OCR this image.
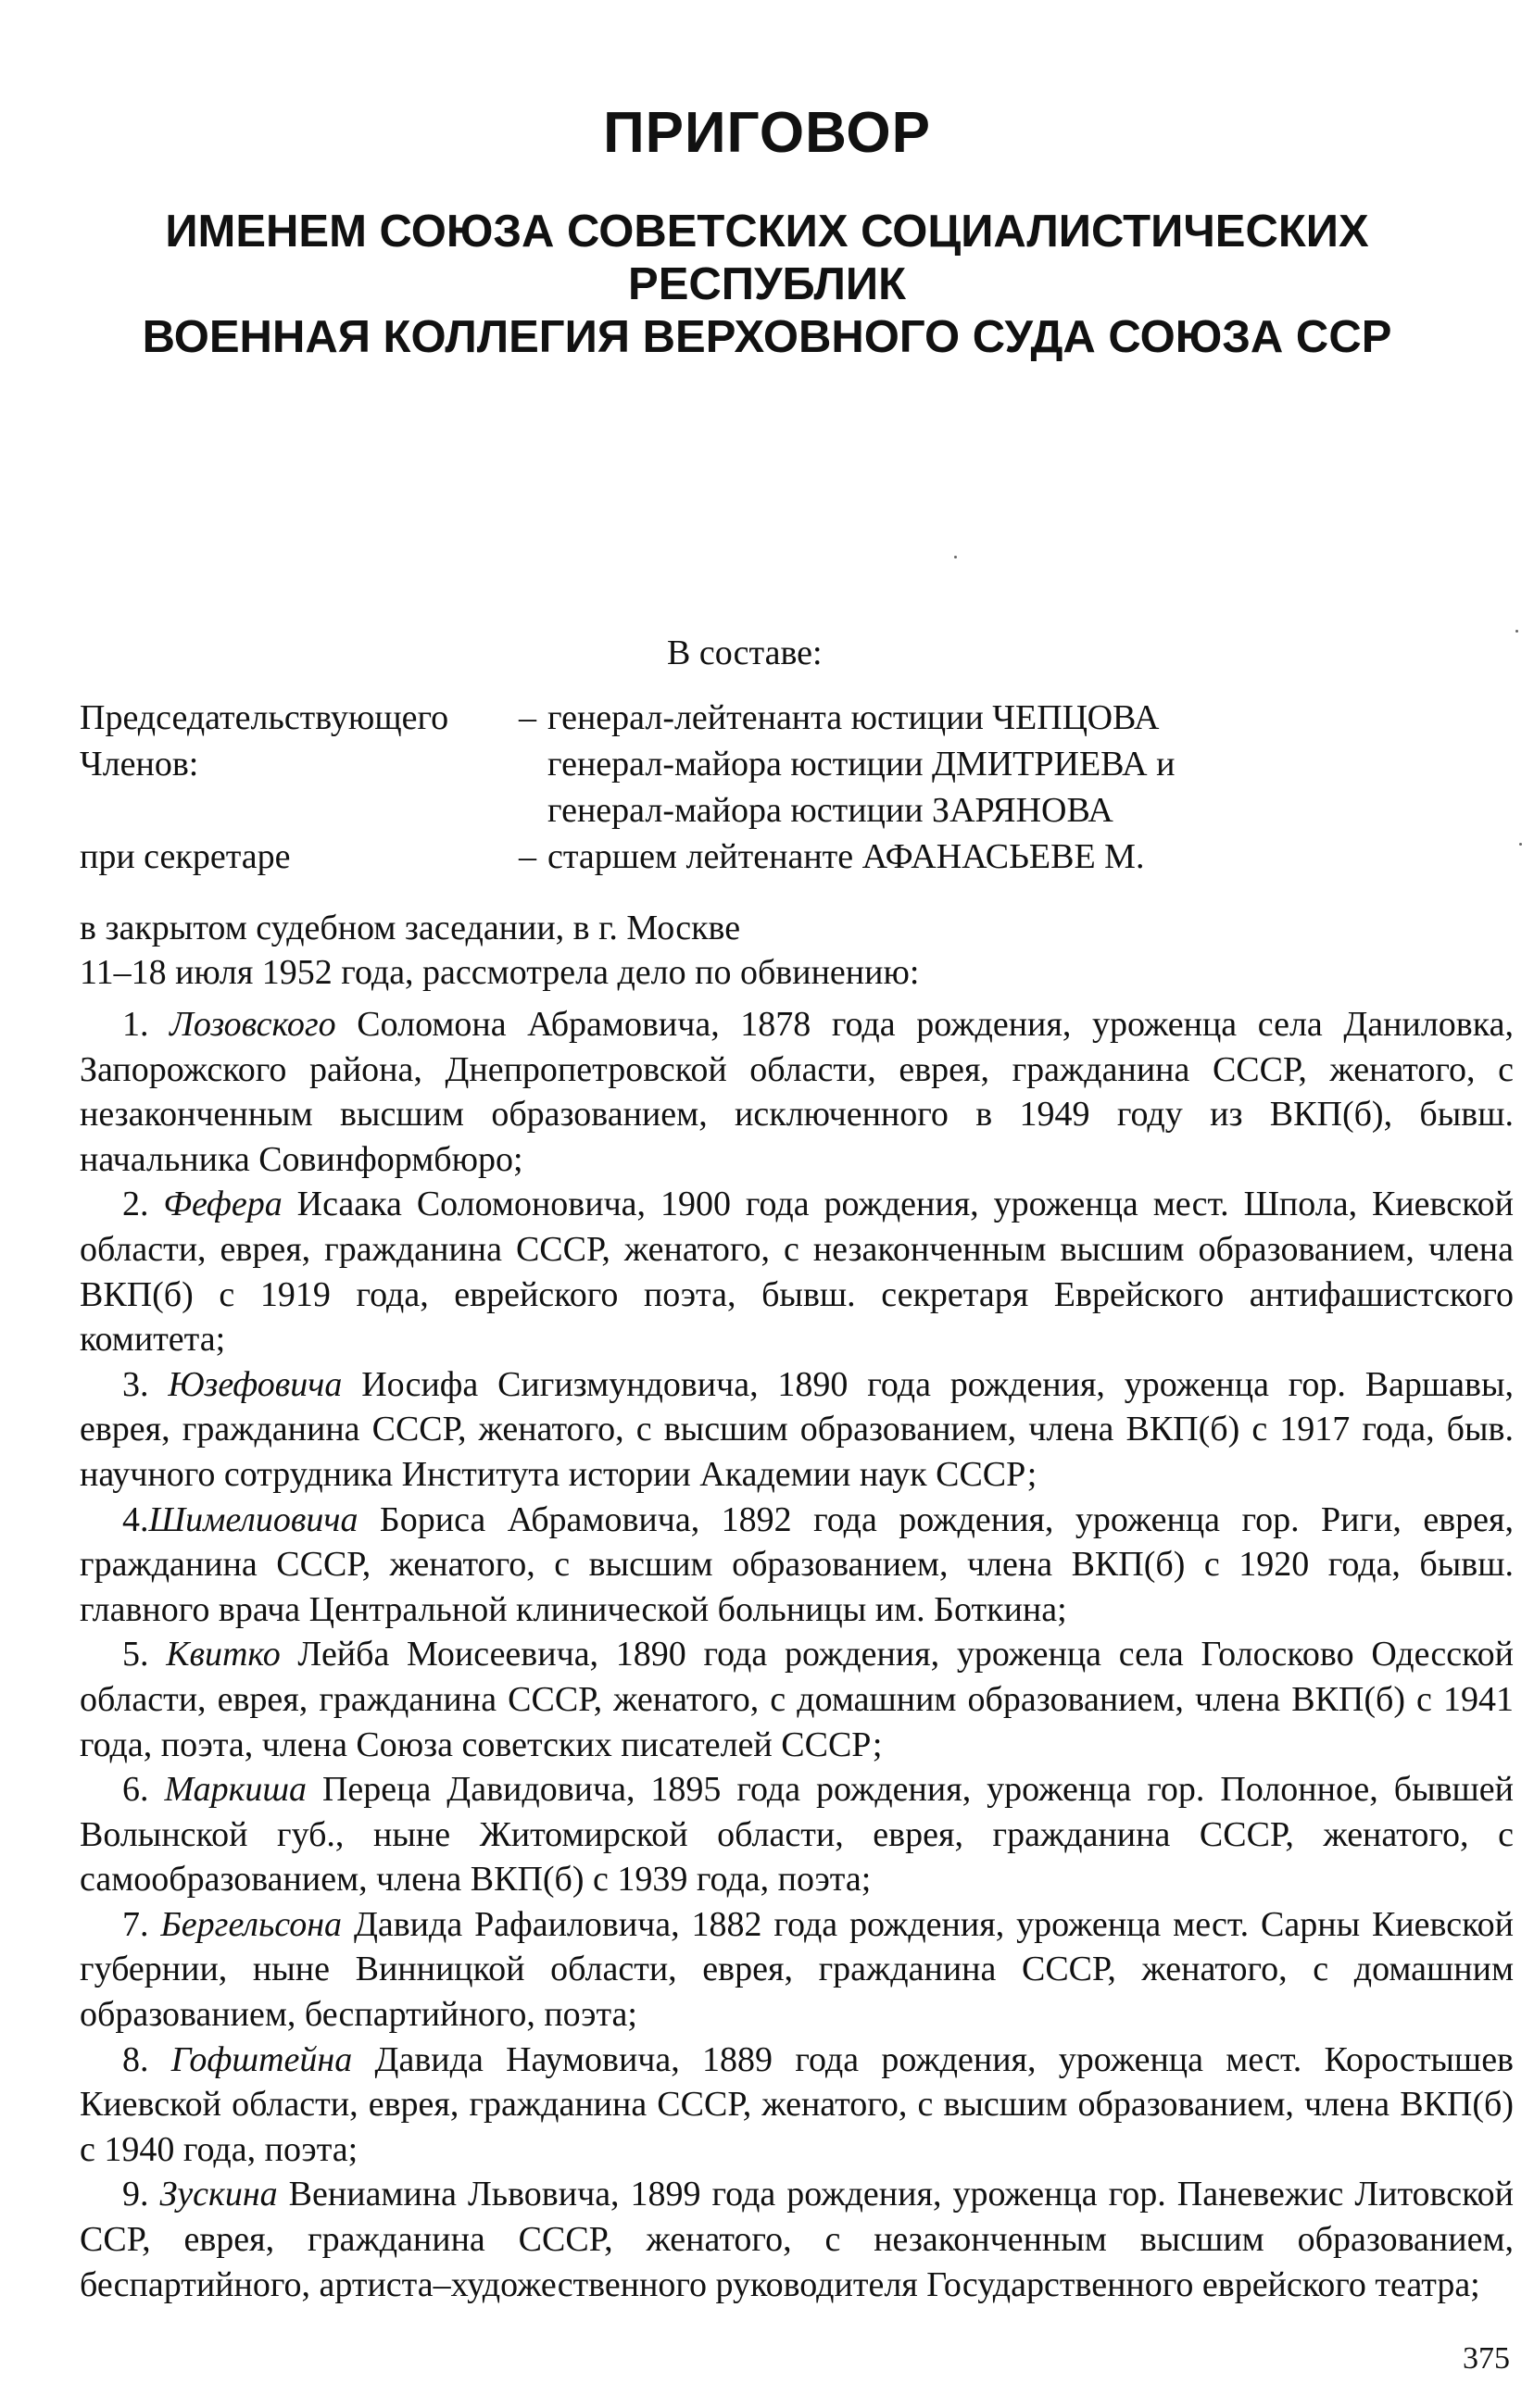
ПРИГОВОР
ИМЕНЕМ СОЮЗА СОВЕТСКИХ СОЦИАЛИСТИЧЕСКИХ
РЕСПУБЛИК
ВОЕННАЯ КОЛЛЕГИЯ ВЕРХОВНОГО СУДА СОЮЗА ССР
В составе:
Председательствующего – генерал-лейтенанта юстиции ЧЕПЦОВА
Членов:	генерал-майора юстиции ДМИТРИЕВА и
генерал-майора юстиции ЗАРЯНОВА
при секретаре	– старшем лейтенанте АФАНАСЬЕВЕ М.
в закрытом судебном заседании, в г. Москве
11–18 июля 1952 года, рассмотрела дело по обвинению:

1. Лозовского Соломона Абрамовича, 1878 года рождения, уроженца села Даниловка, Запорожского района, Днепропетровской области, еврея, гражданина СССР, женатого, с незаконченным высшим образованием, исключенного в 1949 году из ВКП(б), бывш. начальника Совинформбюро;

2. Фефера Исаака Соломоновича, 1900 года рождения, уроженца мест. Шпола, Киевской области, еврея, гражданина СССР, женатого, с незаконченным высшим образованием, члена ВКП(б) с 1919 года, еврейского поэта, бывш. секретаря Еврейского антифашистского комитета;

3. Юзефовича Иосифа Сигизмундовича, 1890 года рождения, уроженца гор. Варшавы, еврея, гражданина СССР, женатого, с высшим образованием, члена ВКП(б) с 1917 года, быв. научного сотрудника Института истории Академии наук СССР;

4.Шимелиовича Бориса Абрамовича, 1892 года рождения, уроженца гор. Риги, еврея, гражданина СССР, женатого, с высшим образованием, члена ВКП(б) с 1920 года, бывш. главного врача Центральной клинической больницы им. Боткина;

5. Квитко Лейба Моисеевича, 1890 года рождения, уроженца села Голосково Одесской области, еврея, гражданина СССР, женатого, с домашним образованием, члена ВКП(б) с 1941 года, поэта, члена Союза советских писателей СССР;

6. Маркиша Переца Давидовича, 1895 года рождения, уроженца гор. Полонное, бывшей Волынской губ., ныне Житомирской области, еврея, гражданина СССР, женатого, с самообразованием, члена ВКП(б) с 1939 года, поэта;

7. Бергельсона Давида Рафаиловича, 1882 года рождения, уроженца мест. Сарны Киевской губернии, ныне Винницкой области, еврея, гражданина СССР, женатого, с домашним образованием, беспартийного, поэта;

8. Гофштейна Давида Наумовича, 1889 года рождения, уроженца мест. Коростышев Киевской области, еврея, гражданина СССР, женатого, с высшим образованием, члена ВКП(б) с 1940 года, поэта;

9. Зускина Вениамина Львовича, 1899 года рождения, уроженца гор. Паневежис Литовской ССР, еврея, гражданина СССР, женатого, с незаконченным высшим образованием, беспартийного, артиста–художественного руководителя Государственного еврейского театра;

375
